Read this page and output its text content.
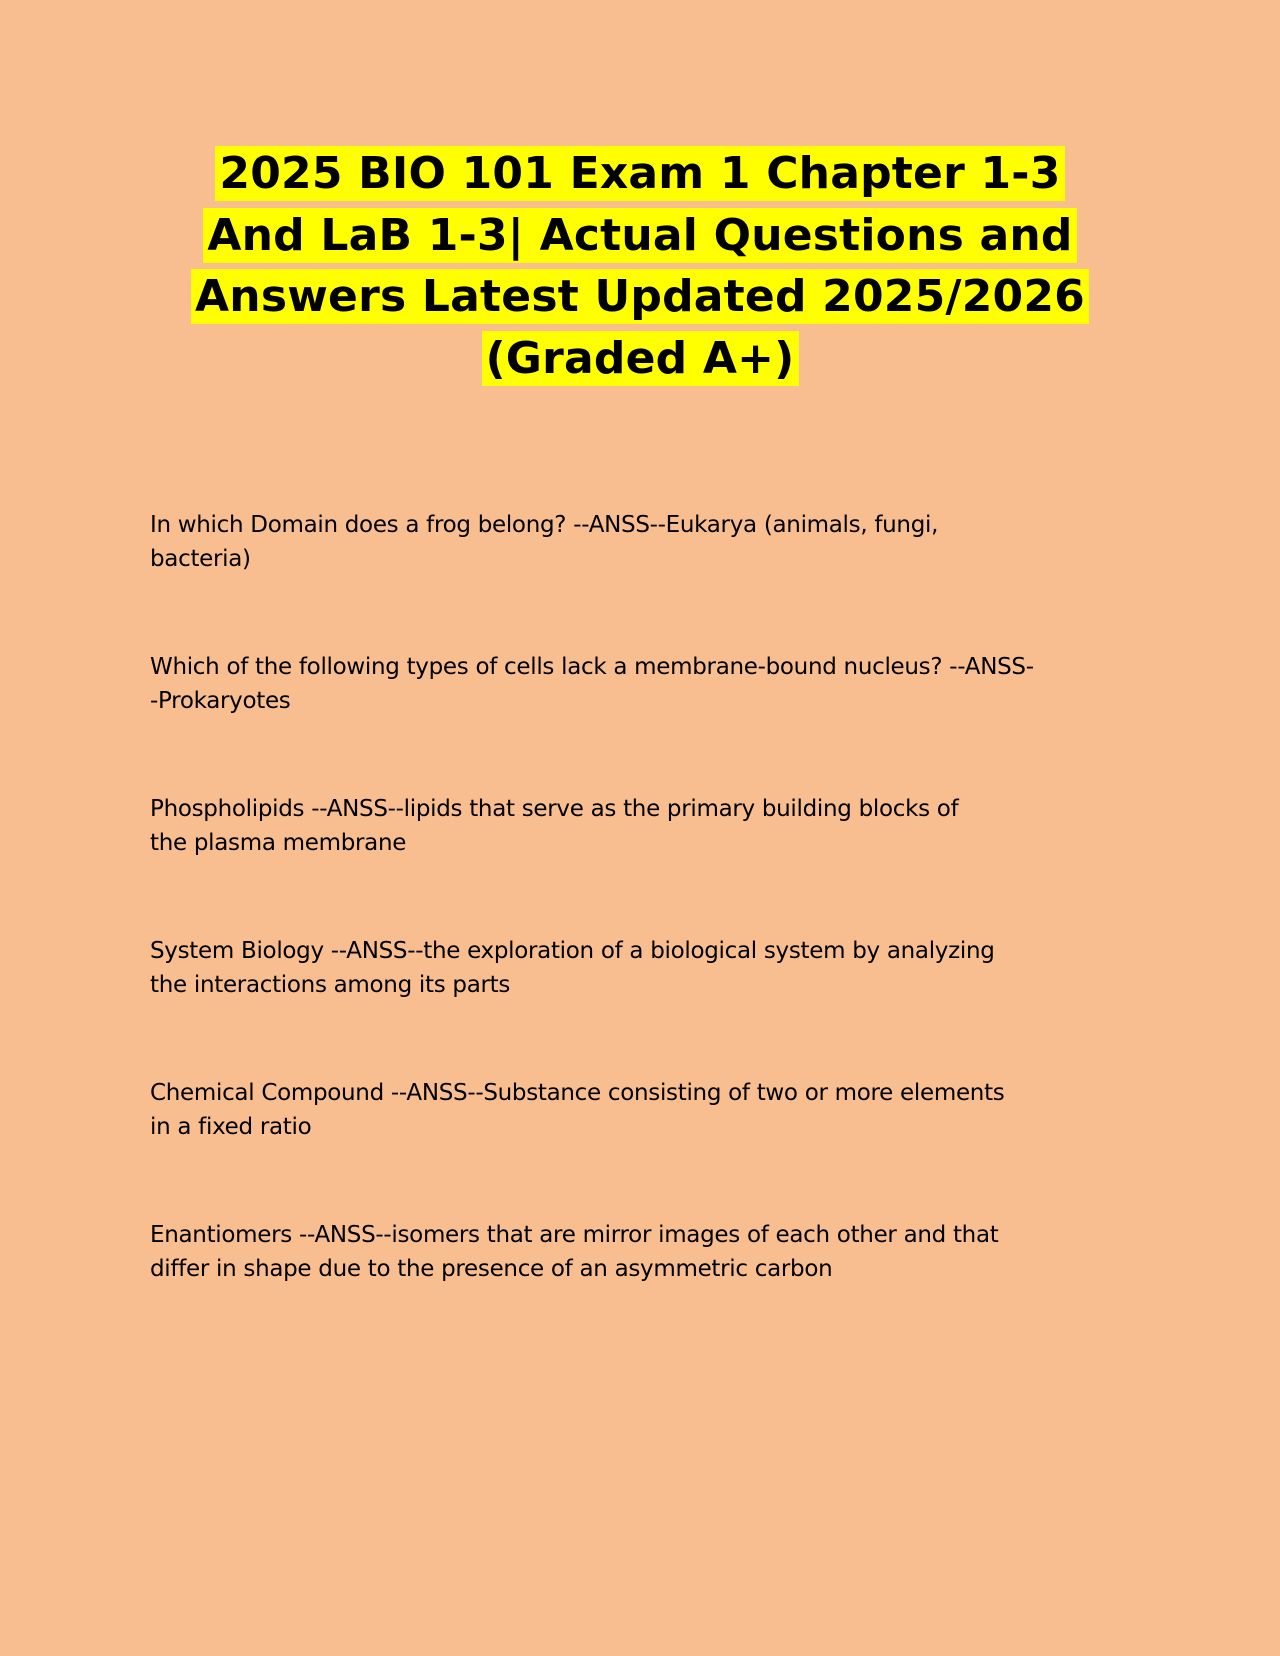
2025 BIO 101 Exam 1 Chapter 1-3
And LaB 1-3| Actual Questions and
Answers Latest Updated 2025/2026
(Graded A+)
In which Domain does a frog belong? --ANSS--Eukarya (animals, fungi,
bacteria)
Which of the following types of cells lack a membrane-bound nucleus? --ANSS-
-Prokaryotes
Phospholipids --ANSS--lipids that serve as the primary building blocks of
the plasma membrane
System Biology --ANSS--the exploration of a biological system by analyzing
the interactions among its parts
Chemical Compound --ANSS--Substance consisting of two or more elements
in a fixed ratio
Enantiomers --ANSS--isomers that are mirror images of each other and that
differ in shape due to the presence of an asymmetric carbon
